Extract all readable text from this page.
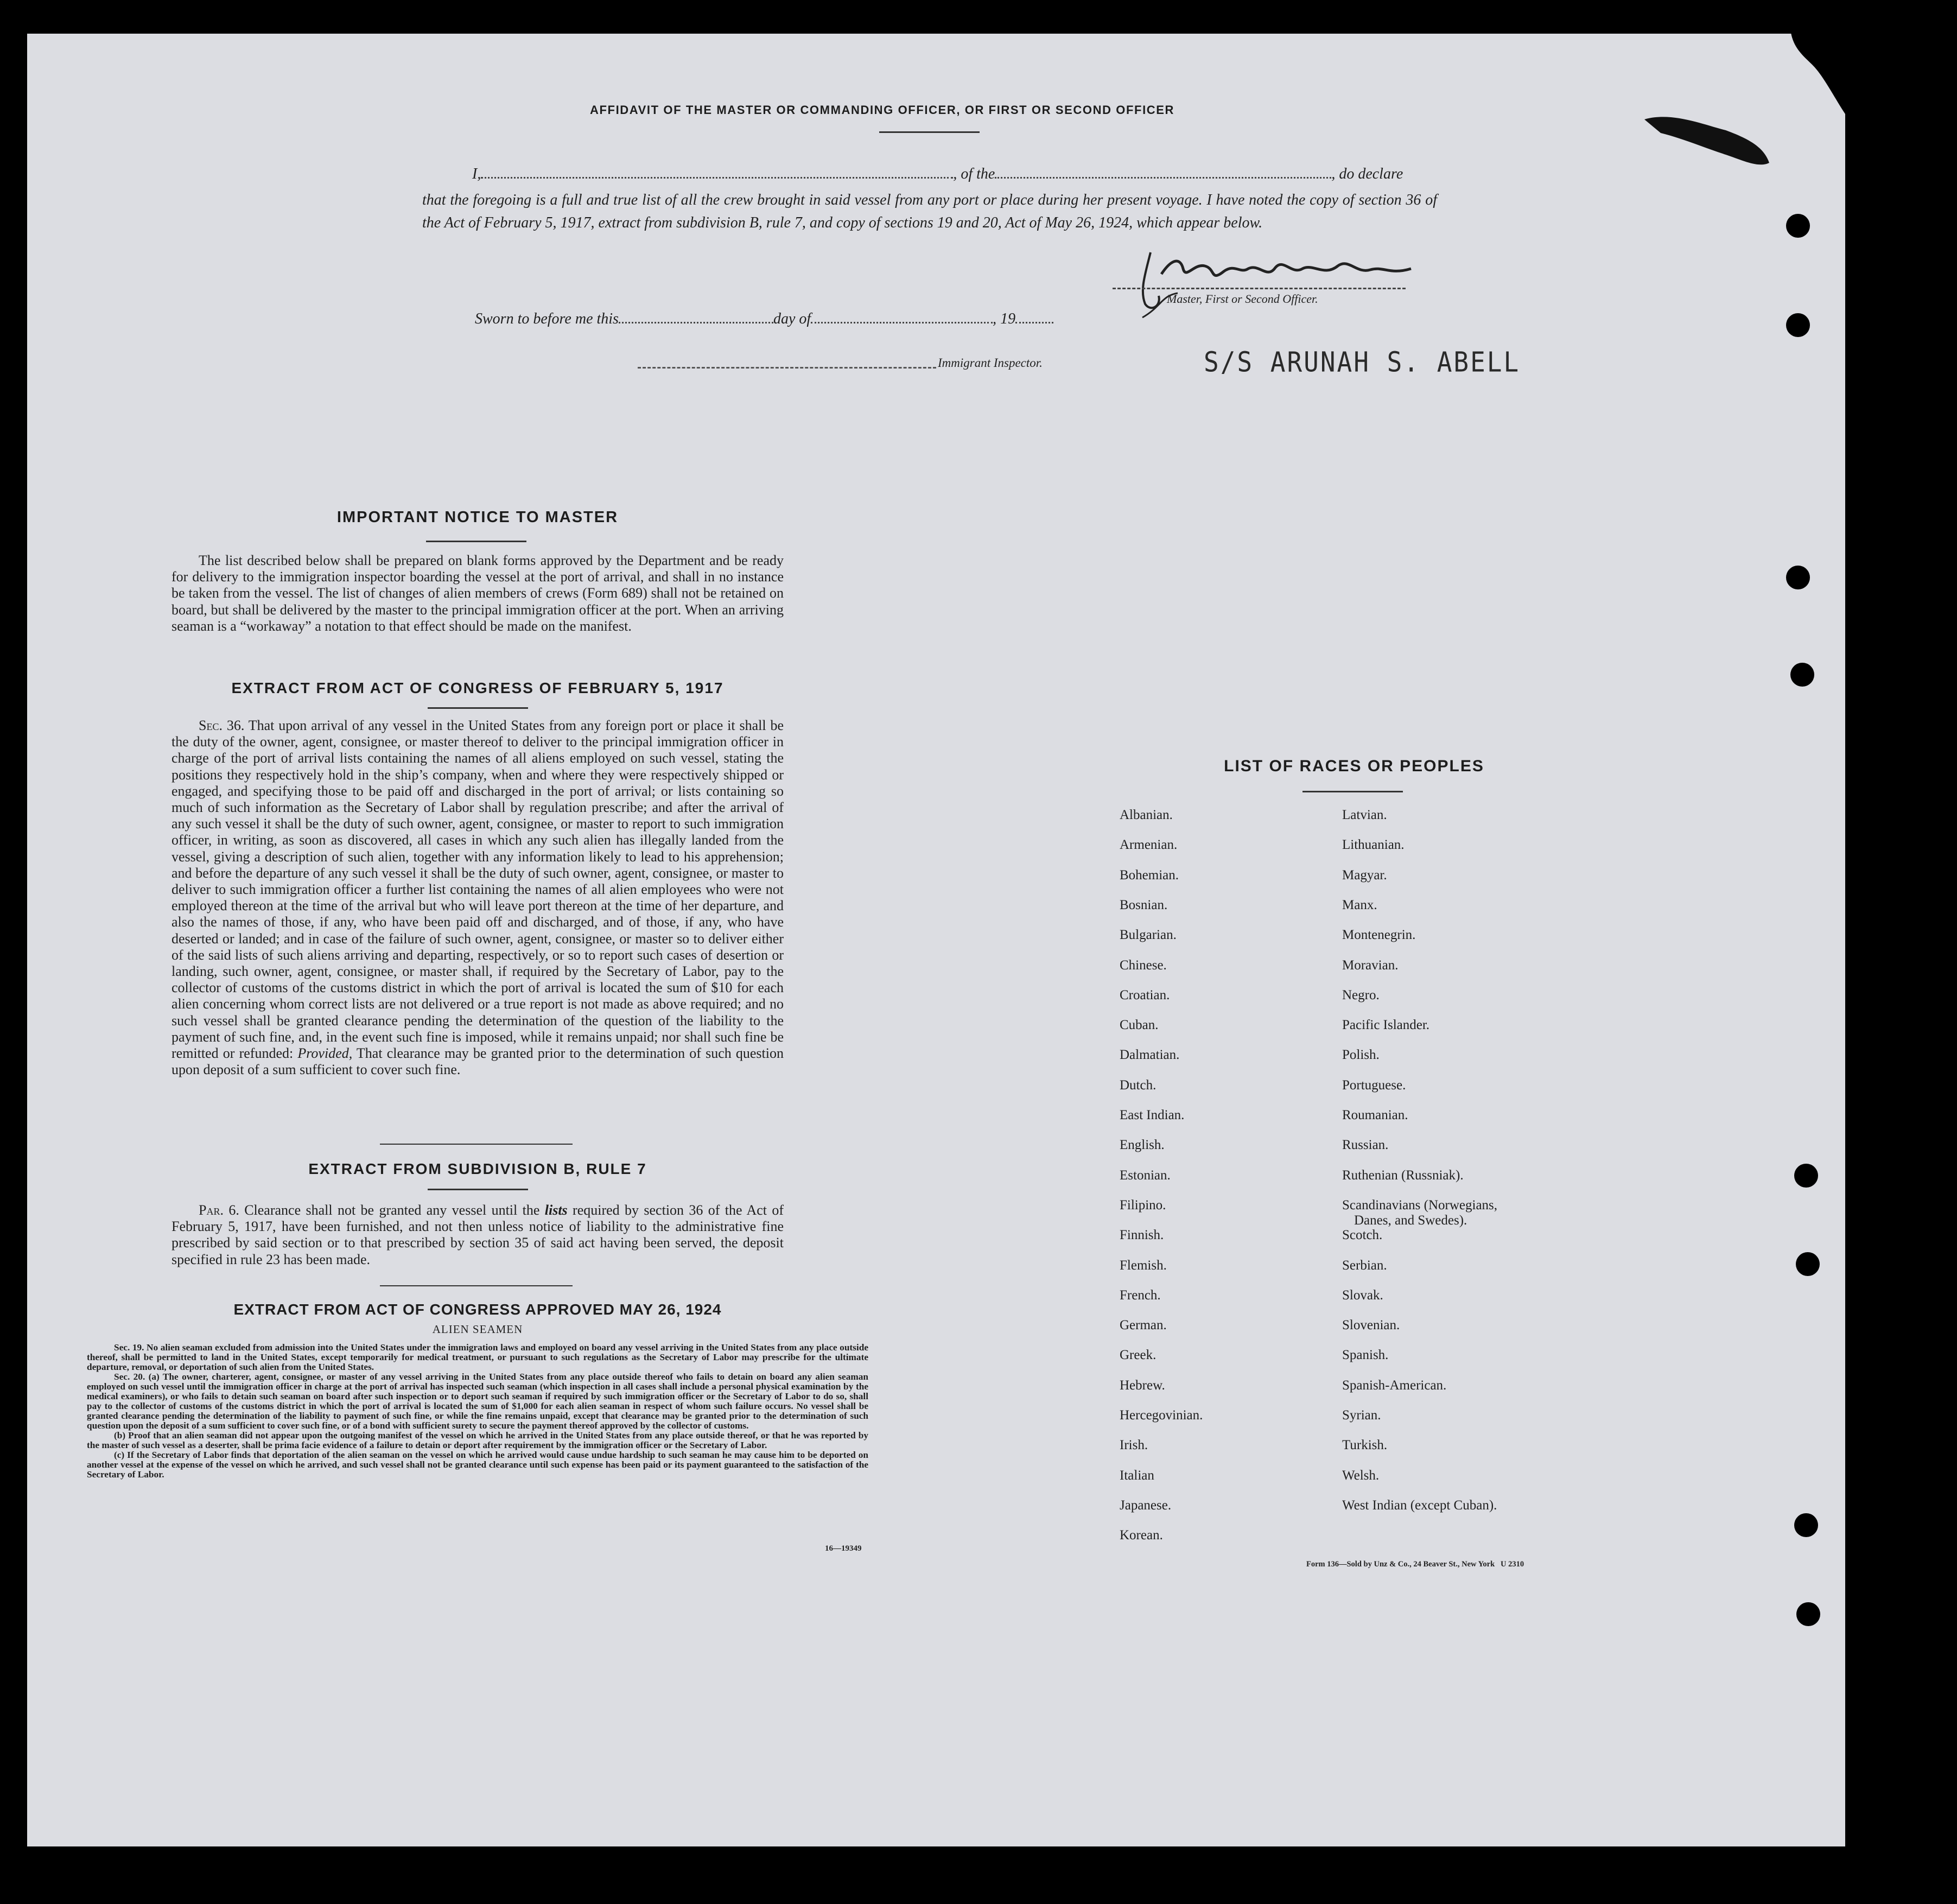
AFFIDAVIT OF THE MASTER OR COMMANDING OFFICER, OR FIRST OR SECOND OFFICER
I,	, of the	, do declare
that the foregoing is a full and true list of all the crew brought in said vessel from any port or place during her present voyage. I have noted the copy of section 36 of the Act of February 5, 1917, extract from subdivision B, rule 7, and copy of sections 19 and 20, Act of May 26, 1924, which appear below.
Master, First or Second Officer.
Sworn to before me this	day of	, 19
Immigrant Inspector.	S/S ARUNAH S. ABELL
IMPORTANT NOTICE TO MASTER

The list described below shall be prepared on blank forms approved by the Department and be ready for delivery to the immigration inspector boarding the vessel at the port of arrival, and shall in no instance be taken from the vessel. The list of changes of alien members of crews (Form 689) shall not be retained on board, but shall be delivered by the master to the principal immigration officer at the port. When an arriving seaman is a “workaway” a notation to that effect should be made on the manifest.

EXTRACT FROM ACT OF CONGRESS OF FEBRUARY 5, 1917

Sec. 36. That upon arrival of any vessel in the United States from any foreign port or place it shall be the duty of the owner, agent, consignee, or master thereof to deliver to the principal immigration officer in charge of the port of arrival lists containing the names of all aliens employed on such vessel, stating the positions they respectively hold in the ship’s company, when and where they were respectively shipped or engaged, and specifying those to be paid off and discharged in the port of arrival; or lists containing so much of such information as the Secretary of Labor shall by regulation prescribe; and after the arrival of any such vessel it shall be the duty of such owner, agent, consignee, or master to report to such immigration officer, in writing, as soon as discovered, all cases in which any such alien has illegally landed from the vessel, giving a description of such alien, together with any information likely to lead to his apprehension; and before the departure of any such vessel it shall be the duty of such owner, agent, consignee, or master to deliver to such immigration officer a further list containing the names of all alien employees who were not employed thereon at the time of the arrival but who will leave port thereon at the time of her departure, and also the names of those, if any, who have been paid off and discharged, and of those, if any, who have deserted or landed; and in case of the failure of such owner, agent, consignee, or master so to deliver either of the said lists of such aliens arriving and departing, respectively, or so to report such cases of desertion or landing, such owner, agent, consignee, or master shall, if required by the Secretary of Labor, pay to the collector of customs of the customs district in which the port of arrival is located the sum of $10 for each alien concerning whom correct lists are not delivered or a true report is not made as above required; and no such vessel shall be granted clearance pending the determination of the question of the liability to the payment of such fine, and, in the event such fine is imposed, while it remains unpaid; nor shall such fine be remitted or refunded: Provided, That clearance may be granted prior to the determination of such question upon deposit of a sum sufficient to cover such fine.

EXTRACT FROM SUBDIVISION B, RULE 7

Par. 6. Clearance shall not be granted any vessel until the lists required by section 36 of the Act of February 5, 1917, have been furnished, and not then unless notice of liability to the administrative fine prescribed by said section or to that prescribed by section 35 of said act having been served, the deposit specified in rule 23 has been made.

EXTRACT FROM ACT OF CONGRESS APPROVED MAY 26, 1924
ALIEN SEAMEN

Sec. 19. No alien seaman excluded from admission into the United States under the immigration laws and employed on board any vessel arriving in the United States from any place outside thereof, shall be permitted to land in the United States, except temporarily for medical treatment, or pursuant to such regulations as the Secretary of Labor may prescribe for the ultimate departure, removal, or deportation of such alien from the United States.

Sec. 20. (a) The owner, charterer, agent, consignee, or master of any vessel arriving in the United States from any place outside thereof who fails to detain on board any alien seaman employed on such vessel until the immigration officer in charge at the port of arrival has inspected such seaman (which inspection in all cases shall include a personal physical examination by the medical examiners), or who fails to detain such seaman on board after such inspection or to deport such seaman if required by such immigration officer or the Secretary of Labor to do so, shall pay to the collector of customs of the customs district in which the port of arrival is located the sum of $1,000 for each alien seaman in respect of whom such failure occurs. No vessel shall be granted clearance pending the determination of the liability to payment of such fine, or while the fine remains unpaid, except that clearance may be granted prior to the determination of such question upon the deposit of a sum sufficient to cover such fine, or of a bond with sufficient surety to secure the payment thereof approved by the collector of customs.

(b) Proof that an alien seaman did not appear upon the outgoing manifest of the vessel on which he arrived in the United States from any place outside thereof, or that he was reported by the master of such vessel as a deserter, shall be prima facie evidence of a failure to detain or deport after requirement by the immigration officer or the Secretary of Labor.

(c) If the Secretary of Labor finds that deportation of the alien seaman on the vessel on which he arrived would cause undue hardship to such seaman he may cause him to be deported on another vessel at the expense of the vessel on which he arrived, and such vessel shall not be granted clearance until such expense has been paid or its payment guaranteed to the satisfaction of the Secretary of Labor.

16—19349
LIST OF RACES OR PEOPLES
Albanian.
Armenian.
Bohemian.
Bosnian.
Bulgarian.
Chinese.
Croatian.
Cuban.
Dalmatian.
Dutch.
East Indian.
English.
Estonian.
Filipino.
Finnish.
Flemish.
French.
German.
Greek.
Hebrew.
Hercegovinian.
Irish.
Italian
Japanese.
Korean.
Latvian.
Lithuanian.
Magyar.
Manx.
Montenegrin.
Moravian.
Negro.
Pacific Islander.
Polish.
Portuguese.
Roumanian.
Russian.
Ruthenian (Russniak).
Scandinavians (Norwegians,
Danes, and Swedes).
Scotch.
Serbian.
Slovak.
Slovenian.
Spanish.
Spanish-American.
Syrian.
Turkish.
Welsh.
West Indian (except Cuban).
Form 136—Sold by Unz & Co., 24 Beaver St., New York   U 2310
